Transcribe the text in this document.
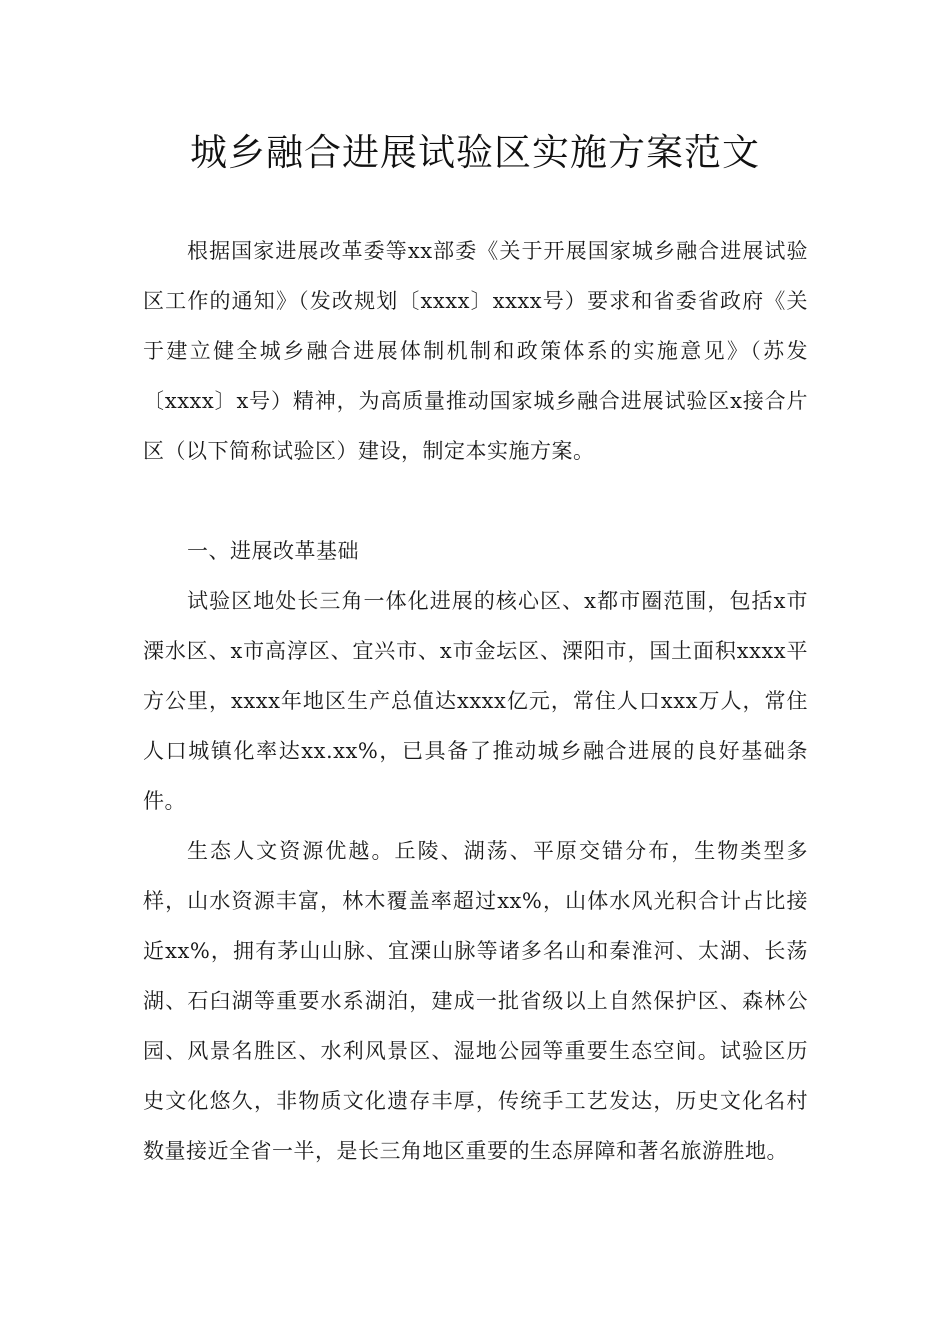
城乡融合进展试验区实施方案范文

根据国家进展改革委等xx部委《关于开展国家城乡融合进展试验区工作的通知》（发改规划〔xxxx〕xxxx号）要求和省委省政府《关于建立健全城乡融合进展体制机制和政策体系的实施意见》（苏发〔xxxx〕x号）精神，为高质量推动国家城乡融合进展试验区x接合片区（以下简称试验区）建设，制定本实施方案。

一、进展改革基础

试验区地处长三角一体化进展的核心区、x都市圈范围，包括x市溧水区、x市高淳区、宜兴市、x市金坛区、溧阳市，国土面积xxxx平方公里，xxxx年地区生产总值达xxxx亿元，常住人口xxx万人，常住人口城镇化率达xx.xx%，已具备了推动城乡融合进展的良好基础条件。

生态人文资源优越。丘陵、湖荡、平原交错分布，生物类型多样，山水资源丰富，林木覆盖率超过xx%，山体水风光积合计占比接近xx%，拥有茅山山脉、宜溧山脉等诸多名山和秦淮河、太湖、长荡湖、石臼湖等重要水系湖泊，建成一批省级以上自然保护区、森林公园、风景名胜区、水利风景区、湿地公园等重要生态空间。试验区历史文化悠久，非物质文化遗存丰厚，传统手工艺发达，历史文化名村数量接近全省一半，是长三角地区重要的生态屏障和著名旅游胜地。
